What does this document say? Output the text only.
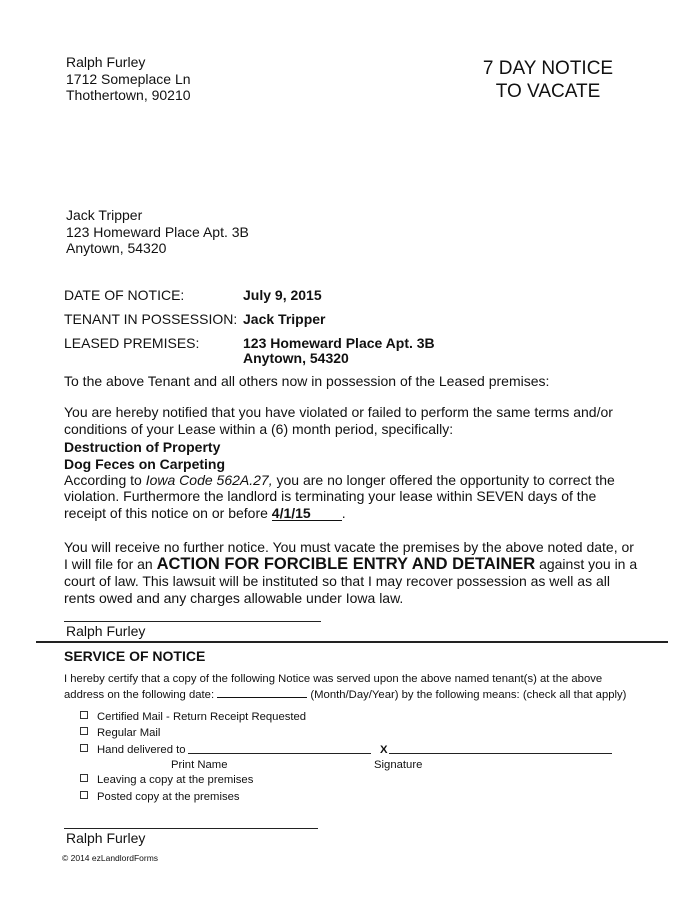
Ralph Furley
1712 Someplace Ln
Thothertown, 90210
7 DAY NOTICE
TO VACATE
Jack Tripper
123 Homeward Place Apt. 3B
Anytown, 54320
DATE OF NOTICE:	July 9, 2015
TENANT IN POSSESSION: Jack Tripper
LEASED PREMISES:	123 Homeward Place Apt. 3B
Anytown, 54320
To the above Tenant and all others now in possession of the Leased premises:
You are hereby notified that you have violated or failed to perform the same terms and/or
conditions of your Lease within a (6) month period, specifically:
Destruction of Property
Dog Feces on Carpeting
According to Iowa Code 562A.27, you are no longer offered the opportunity to correct the
violation. Furthermore the landlord is terminating your lease within SEVEN days of the
receipt of this notice on or before 4/1/15 .
You will receive no further notice. You must vacate the premises by the above noted date, or
I will file for an ACTION FOR FORCIBLE ENTRY AND DETAINER against you in a
court of law. This lawsuit will be instituted so that I may recover possession as well as all
rents owed and any charges allowable under Iowa law.
Ralph Furley
SERVICE OF NOTICE
I hereby certify that a copy of the following Notice was served upon the above named tenant(s) at the above
address on the following date:	(Month/Day/Year) by the following means: (check all that apply)
Certified Mail - Return Receipt Requested
Regular Mail
Hand delivered to	X
Print Name	Signature
Leaving a copy at the premises
Posted copy at the premises
Ralph Furley
© 2014 ezLandlordForms
